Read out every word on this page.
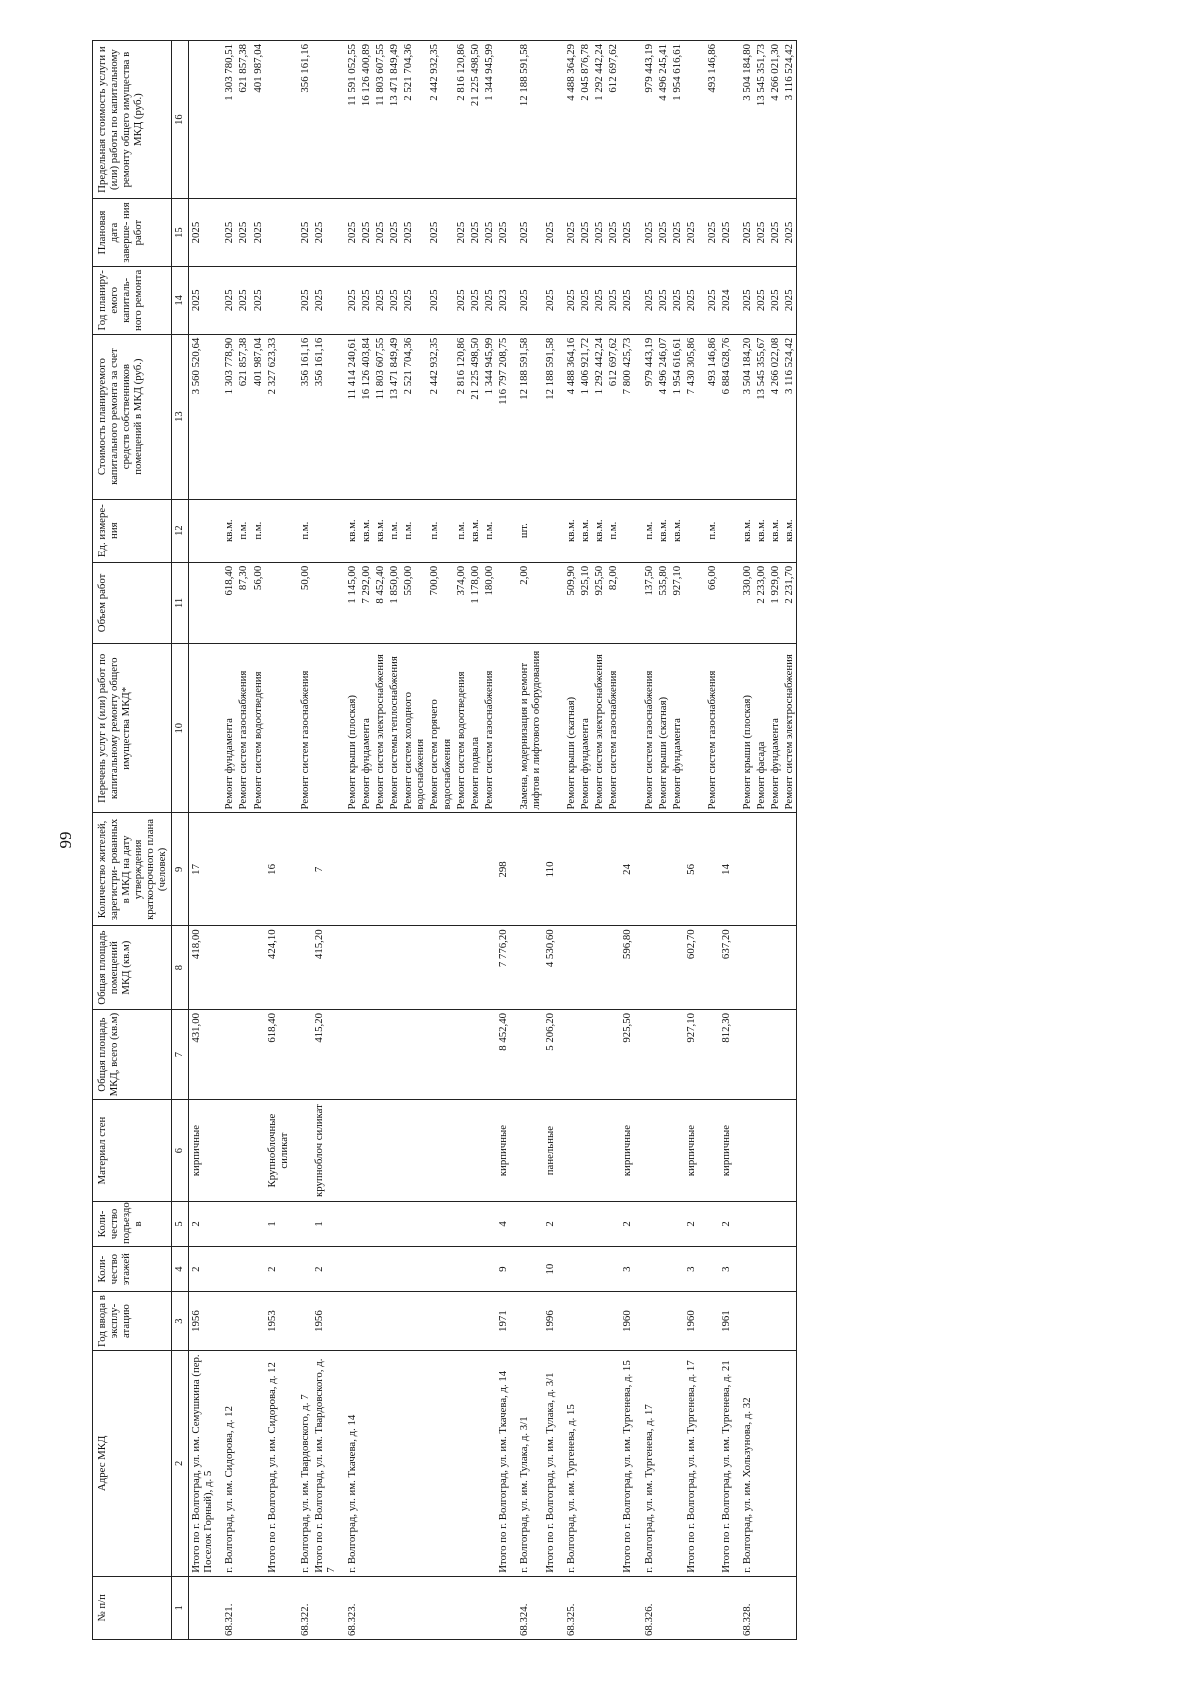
99
№ п/п	Адрес МКД	Год ввода в эксплу- атацию	Коли- чество этажей	Коли- чество подъездо в	Материал стен	Общая площадь МКД, всего (кв.м)	Общая площадь помещений МКД (кв.м)	Количество жителей, зарегистри- рованных в МКД на дату утверждения краткосрочного плана (человек)	Перечень услуг и (или) работ по капитальному ремонту общего имущества МКД*	Объем работ	Ед. измере- ния	Стоимость планируемого капитального ремонта за счет средств собственников помещений в МКД (руб.)	Год планиру- емого капиталь- ного ремонта	Плановая дата заверше- ния работ	Предельная стоимость услуги и (или) работы по капитальному ремонту общего имущества в МКД (руб.)
1	2	3	4	5	6	7	8	9	10	11	12	13	14	15	16
	Итого по г. Волгоград, ул. им. Семушкина (пер. Поселок Горный), д. 5	1956	2	2	кирпичные	431,00	418,00	17				3 560 520,64	2025	2025	
68.321.	г. Волгоград, ул. им. Сидорова, д. 12								Ремонт фундамента	618,40	кв.м.	1 303 778,90	2025	2025	1 303 780,51
									Ремонт систем газоснабжения	87,30	п.м.	621 857,38	2025	2025	621 857,38
									Ремонт систем водоотведения	56,00	п.м.	401 987,04	2025	2025	401 987,04
	Итого по г. Волгоград, ул. им. Сидорова, д. 12	1953	2	1	Крупноблочные силикат	618,40	424,10	16				2 327 623,33			
68.322.	г. Волгоград, ул. им. Твардовского, д. 7								Ремонт систем газоснабжения	50,00	п.м.	356 161,16	2025	2025	356 161,16
	Итого по г. Волгоград, ул. им. Твардовского, д. 7	1956	2	1	крупноблоч силикат	415,20	415,20	7				356 161,16	2025	2025	
68.323.	г. Волгоград, ул. им. Ткачева, д. 14								Ремонт крыши (плоская)	1 145,00	кв.м.	11 414 240,61	2025	2025	11 591 052,55
									Ремонт фундамента	7 292,00	кв.м.	16 126 403,84	2025	2025	16 126 400,89
									Ремонт систем электроснабжения	8 452,40	кв.м.	11 803 607,55	2025	2025	11 803 607,55
									Ремонт системы теплоснабжения	1 850,00	п.м.	13 471 849,49	2025	2025	13 471 849,49
									Ремонт систем холодного водоснабжения	550,00	п.м.	2 521 704,36	2025	2025	2 521 704,36
									Ремонт систем горячего водоснабжения	700,00	п.м.	2 442 932,35	2025	2025	2 442 932,35
									Ремонт систем водоотведения	374,00	п.м.	2 816 120,86	2025	2025	2 816 120,86
									Ремонт подвала	1 178,00	кв.м.	21 225 498,50	2025	2025	21 225 498,50
									Ремонт систем газоснабжения	180,00	п.м.	1 344 945,99	2025	2025	1 344 945,99
	Итого по г. Волгоград, ул. им. Ткачева, д. 14	1971	9	4	кирпичные	8 452,40	7 776,20	298				116 797 208,75	2023	2025	
68.324.	г. Волгоград, ул. им. Тулака, д. 3/1								Замена, модернизация и ремонт лифтов и лифтового оборудования	2,00	шт.	12 188 591,58	2025	2025	12 188 591,58
	Итого по г. Волгоград, ул. им. Тулака, д. 3/1	1996	10	2	панельные	5 206,20	4 530,60	110				12 188 591,58	2025	2025	
68.325.	г. Волгоград, ул. им. Тургенева, д. 15								Ремонт крыши (скатная)	509,90	кв.м.	4 488 364,16	2025	2025	4 488 364,29
									Ремонт фундамента	925,10	кв.м.	1 406 921,72	2025	2025	2 045 876,78
									Ремонт систем электроснабжения	925,50	кв.м.	1 292 442,24	2025	2025	1 292 442,24
									Ремонт систем газоснабжения	82,00	п.м.	612 697,62	2025	2025	612 697,62
	Итого по г. Волгоград, ул. им. Тургенева, д. 15	1960	3	2	кирпичные	925,50	596,80	24				7 800 425,73	2025	2025	
68.326.	г. Волгоград, ул. им. Тургенева, д. 17								Ремонт систем газоснабжения	137,50	п.м.	979 443,19	2025	2025	979 443,19
									Ремонт крыши (скатная)	535,80	кв.м.	4 496 246,07	2025	2025	4 496 245,41
									Ремонт фундамента	927,10	кв.м.	1 954 616,61	2025	2025	1 954 616,61
	Итого по г. Волгоград, ул. им. Тургенева, д. 17	1960	3	2	кирпичные	927,10	602,70	56				7 430 305,86	2025	2025	
									Ремонт систем газоснабжения	66,00	п.м.	493 146,86	2025	2025	493 146,86
	Итого по г. Волгоград, ул. им. Тургенева, д. 21	1961	3	2	кирпичные	812,30	637,20	14				6 884 628,76	2024	2025	
68.328.	г. Волгоград, ул. им. Хользунова, д. 32								Ремонт крыши (плоская)	330,00	кв.м.	3 504 184,20	2025	2025	3 504 184,80
									Ремонт фасада	2 233,00	кв.м.	13 545 355,67	2025	2025	13 545 351,73
									Ремонт фундамента	1 929,00	кв.м.	4 266 022,08	2025	2025	4 266 021,30
									Ремонт систем электроснабжения	2 231,70	кв.м.	3 116 524,42	2025	2025	3 116 524,42
